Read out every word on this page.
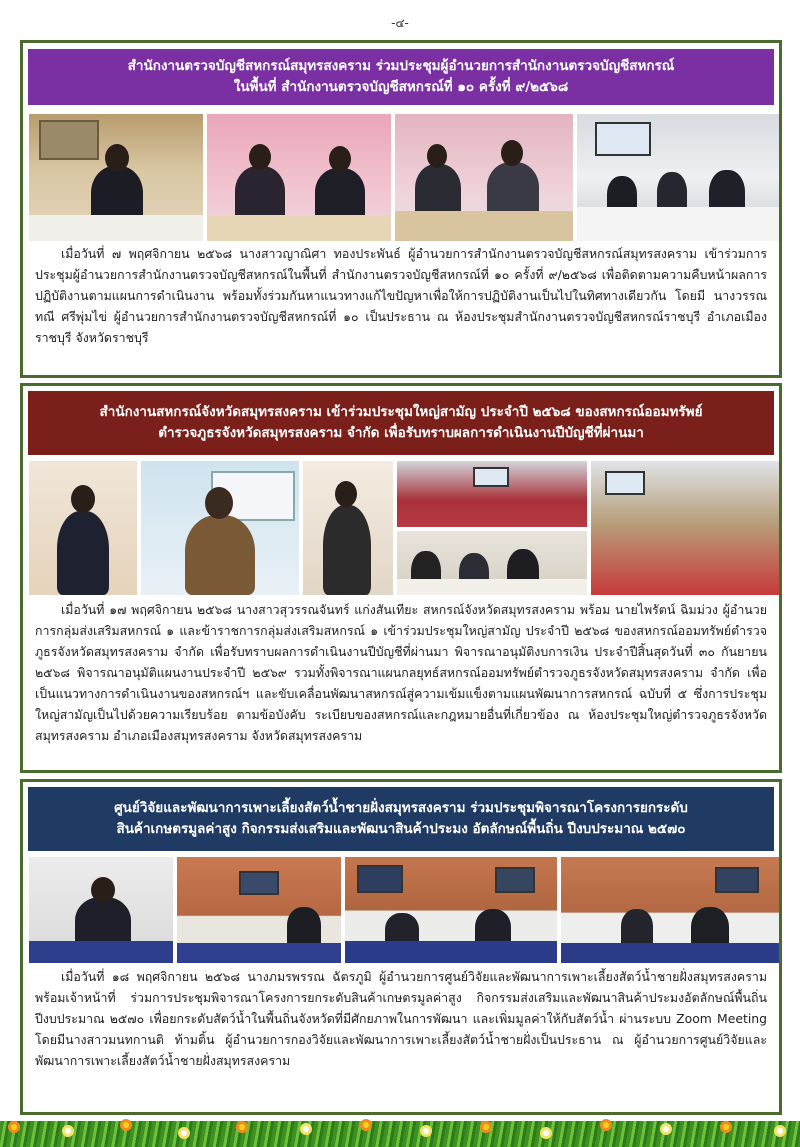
-๔-
สำนักงานตรวจบัญชีสหกรณ์สมุทรสงคราม ร่วมประชุมผู้อำนวยการสำนักงานตรวจบัญชีสหกรณ์
ในพื้นที่ สำนักงานตรวจบัญชีสหกรณ์ที่ ๑๐ ครั้งที่ ๙/๒๕๖๘
เมื่อวันที่ ๗ พฤศจิกายน ๒๕๖๘ นางสาวญาณิศา ทองประพันธ์ ผู้อำนวยการสำนักงานตรวจบัญชีสหกรณ์สมุทรสงคราม เข้าร่วมการประชุมผู้อำนวยการสำนักงานตรวจบัญชีสหกรณ์ในพื้นที่ สำนักงานตรวจบัญชีสหกรณ์ที่ ๑๐ ครั้งที่ ๙/๒๕๖๘ เพื่อติดตามความคืบหน้าผลการปฏิบัติงานตามแผนการดำเนินงาน พร้อมทั้งร่วมกันหาแนวทางแก้ไขปัญหาเพื่อให้การปฏิบัติงานเป็นไปในทิศทางเดียวกัน โดยมี นางวรรณทณี ศรีพุ่มไข่ ผู้อำนวยการสำนักงานตรวจบัญชีสหกรณ์ที่ ๑๐ เป็นประธาน ณ ห้องประชุมสำนักงานตรวจบัญชีสหกรณ์ราชบุรี อำเภอเมืองราชบุรี จังหวัดราชบุรี
สำนักงานสหกรณ์จังหวัดสมุทรสงคราม เข้าร่วมประชุมใหญ่สามัญ ประจำปี ๒๕๖๘ ของสหกรณ์ออมทรัพย์
ตำรวจภูธรจังหวัดสมุทรสงคราม จำกัด เพื่อรับทราบผลการดำเนินงานปีบัญชีที่ผ่านมา
เมื่อวันที่ ๑๗ พฤศจิกายน ๒๕๖๘ นางสาวสุวรรณจันทร์ แก่งสันเทียะ สหกรณ์จังหวัดสมุทรสงคราม พร้อม นายไพรัตน์ ฉิมม่วง ผู้อำนวยการกลุ่มส่งเสริมสหกรณ์ ๑ และข้าราชการกลุ่มส่งเสริมสหกรณ์ ๑ เข้าร่วมประชุมใหญ่สามัญ ประจำปี ๒๕๖๘ ของสหกรณ์ออมทรัพย์ตำรวจภูธรจังหวัดสมุทรสงคราม จำกัด เพื่อรับทราบผลการดำเนินงานปีบัญชีที่ผ่านมา พิจารณาอนุมัติงบการเงิน ประจำปีสิ้นสุดวันที่ ๓๐ กันยายน ๒๕๖๘ พิจารณาอนุมัติแผนงานประจำปี ๒๕๖๙ รวมทั้งพิจารณาแผนกลยุทธ์สหกรณ์ออมทรัพย์ตำรวจภูธรจังหวัดสมุทรสงคราม จำกัด เพื่อเป็นแนวทางการดำเนินงานของสหกรณ์ฯ และขับเคลื่อนพัฒนาสหกรณ์สู่ความเข้มแข็งตามแผนพัฒนาการสหกรณ์ ฉบับที่ ๕ ซึ่งการประชุมใหญ่สามัญเป็นไปด้วยความเรียบร้อย ตามข้อบังคับ ระเบียบของสหกรณ์และกฎหมายอื่นที่เกี่ยวข้อง ณ ห้องประชุมใหญ่ตำรวจภูธรจังหวัดสมุทรสงคราม อำเภอเมืองสมุทรสงคราม จังหวัดสมุทรสงคราม
ศูนย์วิจัยและพัฒนาการเพาะเลี้ยงสัตว์น้ำชายฝั่งสมุทรสงคราม ร่วมประชุมพิจารณาโครงการยกระดับ
สินค้าเกษตรมูลค่าสูง กิจกรรมส่งเสริมและพัฒนาสินค้าประมง อัตลักษณ์พื้นถิ่น ปีงบประมาณ ๒๕๗๐
เมื่อวันที่ ๑๘ พฤศจิกายน ๒๕๖๘ นางภมรพรรณ ฉัตรภูมิ ผู้อำนวยการศูนย์วิจัยและพัฒนาการเพาะเลี้ยงสัตว์น้ำชายฝั่งสมุทรสงคราม พร้อมเจ้าหน้าที่ ร่วมการประชุมพิจารณาโครงการยกระดับสินค้าเกษตรมูลค่าสูง กิจกรรมส่งเสริมและพัฒนาสินค้าประมงอัตลักษณ์พื้นถิ่น ปีงบประมาณ ๒๕๗๐ เพื่อยกระดับสัตว์น้ำในพื้นถิ่นจังหวัดที่มีศักยภาพในการพัฒนา และเพิ่มมูลค่าให้กับสัตว์น้ำ ผ่านระบบ Zoom Meeting โดยมีนางสาวมนทกานติ ท้ามติ้น ผู้อำนวยการกองวิจัยและพัฒนาการเพาะเลี้ยงสัตว์น้ำชายฝั่งเป็นประธาน ณ ผู้อำนวยการศูนย์วิจัยและพัฒนาการเพาะเลี้ยงสัตว์น้ำชายฝั่งสมุทรสงคราม
